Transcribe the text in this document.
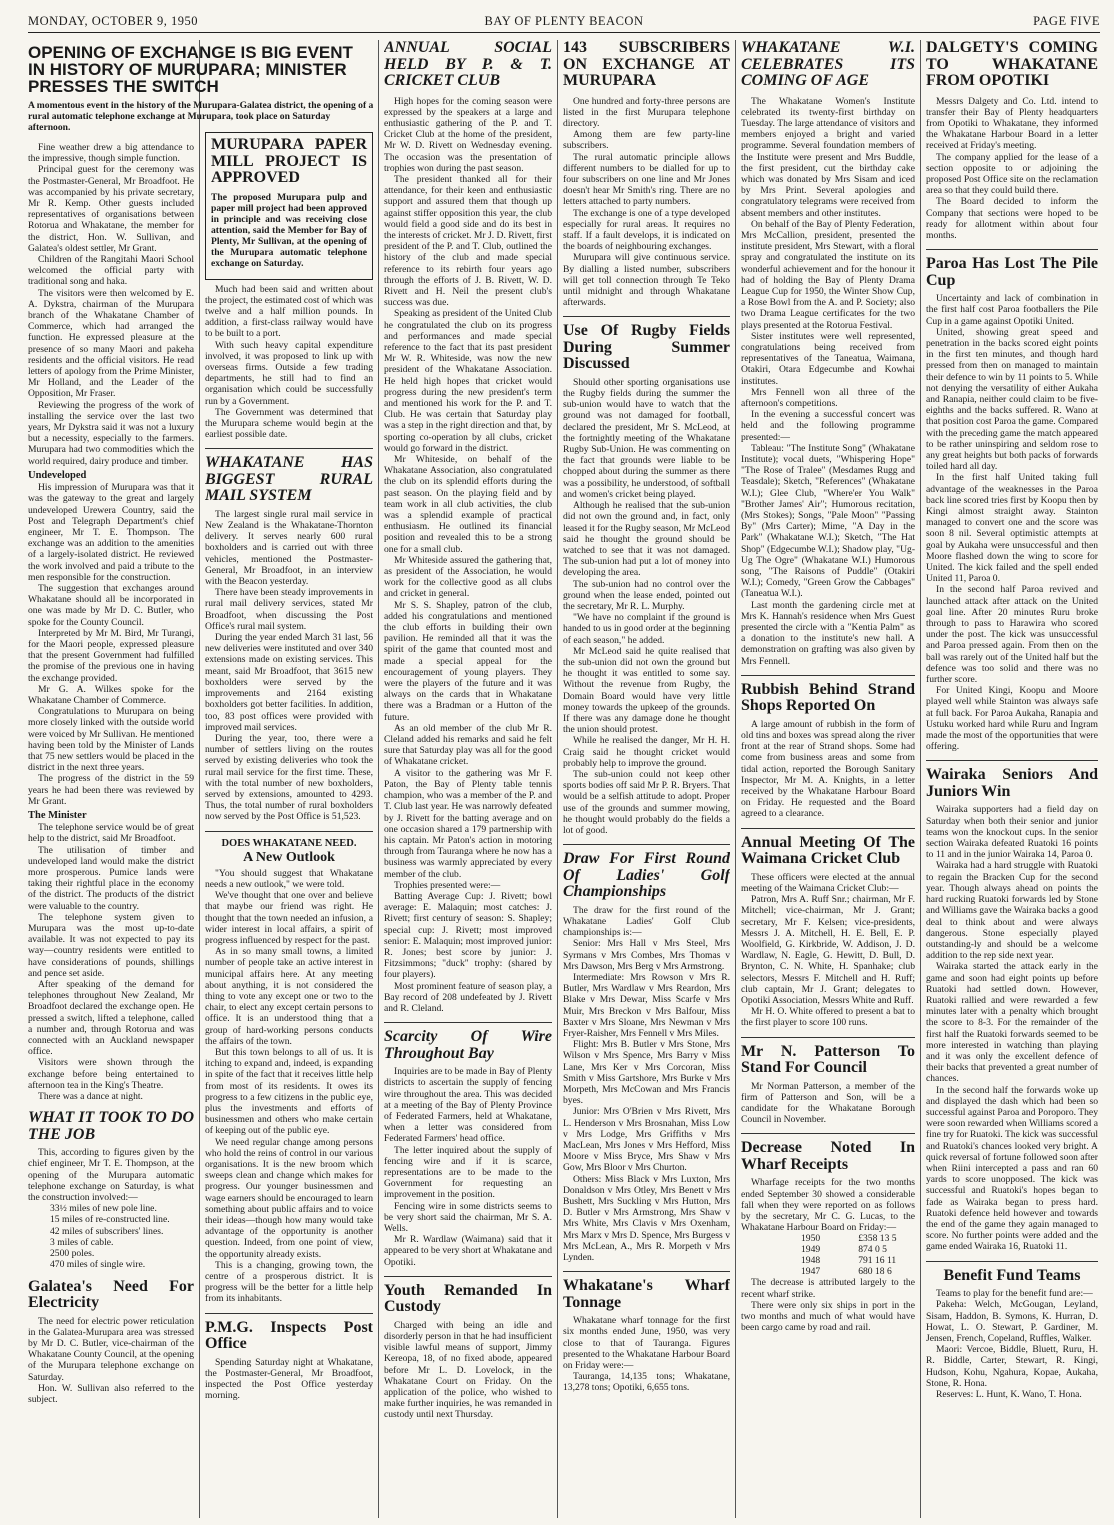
MONDAY, OCTOBER 9, 1950	BAY OF PLENTY BEACON	PAGE FIVE
OPENING OF EXCHANGE IS BIG EVENT IN HISTORY OF MURUPARA; MINISTER PRESSES THE SWITCH
A momentous event in the history of the Murupara-Galatea district, the opening of a rural automatic telephone exchange at Murupara, took place on Saturday afternoon.

Fine weather drew a big attendance to the impressive, though simple function.

Principal guest for the ceremony was the Postmaster-General, Mr Broadfoot. He was accompanied by his private secretary, Mr R. Kemp. Other guests included representatives of organisations between Rotorua and Whakatane, the member for the district, Hon. W. Sullivan, and Galatea's oldest settler, Mr Grant.

Children of the Rangitahi Maori School welcomed the official party with traditional song and haka.

The visitors were then welcomed by E. A. Dykstra, chairman of the Murupara branch of the Whakatane Chamber of Commerce, which had arranged the function. He expressed pleasure at the presence of so many Maori and pakeha residents and the official visitors. He read letters of apology from the Prime Minister, Mr Holland, and the Leader of the Opposition, Mr Fraser.

Reviewing the progress of the work of installing the service over the last two years, Mr Dykstra said it was not a luxury but a necessity, especially to the farmers. Murupara had two commodities which the world required, dairy produce and timber.

Undeveloped

His impression of Murupara was that it was the gateway to the great and largely undeveloped Urewera Country, said the Post and Telegraph Department's chief engineer, Mr T. E. Thompson. The exchange was an addition to the amenities of a largely-isolated district. He reviewed the work involved and paid a tribute to the men responsible for the construction.

The suggestion that exchanges around Whakatane should all be incorporated in one was made by Mr D. C. Butler, who spoke for the County Council.

Interpreted by Mr M. Bird, Mr Turangi, for the Maori people, expressed pleasure that the present Government had fulfilled the promise of the previous one in having the exchange provided.

Mr G. A. Wilkes spoke for the Whakatane Chamber of Commerce.

Congratulations to Murupara on being more closely linked with the outside world were voiced by Mr Sullivan. He mentioned having been told by the Minister of Lands that 75 new settlers would be placed in the district in the next three years.

The progress of the district in the 59 years he had been there was reviewed by Mr Grant.

The Minister

The telephone service would be of great help to the district, said Mr Broadfoot.

The utilisation of timber and undeveloped land would make the district more prosperous. Pumice lands were taking their rightful place in the economy of the district. The products of the district were valuable to the country.

The telephone system given to Murupara was the most up-to-date available. It was not expected to pay its way—country residents were entitled to have considerations of pounds, shillings and pence set aside.

After speaking of the demand for telephones throughout New Zealand, Mr Broadfoot declared the exchange open. He pressed a switch, lifted a telephone, called a number and, through Rotorua and was connected with an Auckland newspaper office.

Visitors were shown through the exchange before being entertained to afternoon tea in the King's Theatre.

There was a dance at night.

WHAT IT TOOK TO DO THE JOB

This, according to figures given by the chief engineer, Mr T. E. Thompson, at the opening of the Murupara automatic telephone exchange on Saturday, is what the construction involved:—

33½ miles of new pole line.

15 miles of re-constructed line.

42 miles of subscribers' lines.

3 miles of cable.

2500 poles.

470 miles of single wire.

Galatea's Need For Electricity

The need for electric power reticulation in the Galatea-Murupara area was stressed by Mr D. C. Butler, vice-chairman of the Whakatane County Council, at the opening of the Murupara telephone exchange on Saturday.

Hon. W. Sullivan also referred to the subject.

MURUPARA PAPER MILL PROJECT IS APPROVED
The proposed Murupara pulp and paper mill project had been approved in principle and was receiving close attention, said the Member for Bay of Plenty, Mr Sullivan, at the opening of the Murupara automatic telephone exchange on Saturday.

Much had been said and written about the project, the estimated cost of which was twelve and a half million pounds. In addition, a first-class railway would have to be built to a port.

With such heavy capital expenditure involved, it was proposed to link up with overseas firms. Outside a few trading departments, he still had to find an organisation which could be successfully run by a Government.

The Government was determined that the Murupara scheme would begin at the earliest possible date.

WHAKATANE HAS BIGGEST RURAL MAIL SYSTEM

The largest single rural mail service in New Zealand is the Whakatane-Thornton delivery. It serves nearly 600 rural boxholders and is carried out with three vehicles, mentioned the Postmaster-General, Mr Broadfoot, in an interview with the Beacon yesterday.

There have been steady improvements in rural mail delivery services, stated Mr Broadfoot, when discussing the Post Office's rural mail system.

During the year ended March 31 last, 56 new deliveries were instituted and over 340 extensions made on existing services. This meant, said Mr Broadfoot, that 3615 new boxholders were served by the improvements and 2164 existing boxholders got better facilities. In addition, too, 83 post offices were provided with improved mail services.

During the year, too, there were a number of settlers living on the routes served by existing deliveries who took the rural mail service for the first time. These, with the total number of new boxholders, served by extensions, amounted to 4293. Thus, the total number of rural boxholders now served by the Post Office is 51,523.

DOES WHAKATANE NEED.

A New Outlook

"You should suggest that Whakatane needs a new outlook," we were told.

We've thought that one over and believe that maybe our friend was right. He thought that the town needed an infusion, a wider interest in local affairs, a spirit of progress influenced by respect for the past.

As in so many small towns, a limited number of people take an active interest in municipal affairs here. At any meeting about anything, it is not considered the thing to vote any except one or two to the chair, to elect any except certain persons to office. It is an understood thing that a group of hard-working persons conducts the affairs of the town.

But this town belongs to all of us. It is itching to expand and, indeed, is expanding in spite of the fact that it receives little help from most of its residents. It owes its progress to a few citizens in the public eye, plus the investments and efforts of businessmen and others who make certain of keeping out of the public eye.

We need regular change among persons who hold the reins of control in our various organisations. It is the new broom which sweeps clean and change which makes for progress. Our younger businessmen and wage earners should be encouraged to learn something about public affairs and to voice their ideas—though how many would take advantage of the opportunity is another question. Indeed, from one point of view, the opportunity already exists.

This is a changing, growing town, the centre of a prosperous district. It is progress will be the better for a little help from its inhabitants.

P.M.G. Inspects Post Office

Spending Saturday night at Whakatane, the Postmaster-General, Mr Broadfoot, inspected the Post Office yesterday morning.

ANNUAL SOCIAL HELD BY P. & T. CRICKET CLUB

High hopes for the coming season were expressed by the speakers at a large and enthusiastic gathering of the P. and T. Cricket Club at the home of the president, Mr W. D. Rivett on Wednesday evening. The occasion was the presentation of trophies won during the past season.

The president thanked all for their attendance, for their keen and enthusiastic support and assured them that though up against stiffer opposition this year, the club would field a good side and do its best in the interests of cricket. Mr J. D. Rivett, first president of the P. and T. Club, outlined the history of the club and made special reference to its rebirth four years ago through the efforts of J. B. Rivett, W. D. Rivett and H. Neil the present club's success was due.

Speaking as president of the United Club he congratulated the club on its progress and performances and made special reference to the fact that its past president Mr W. R. Whiteside, was now the new president of the Whakatane Association. He held high hopes that cricket would progress during the new president's term and mentioned his work for the P. and T. Club. He was certain that Saturday play was a step in the right direction and that, by sporting co-operation by all clubs, cricket would go forward in the district.

Mr Whiteside, on behalf of the Whakatane Association, also congratulated the club on its splendid efforts during the past season. On the playing field and by team work in all club activities, the club was a splendid example of practical enthusiasm. He outlined its financial position and revealed this to be a strong one for a small club.

Mr Whiteside assured the gathering that, as president of the Association, he would work for the collective good as all clubs and cricket in general.

Mr S. S. Shapley, patron of the club, added his congratulations and mentioned the club efforts in building their own pavilion. He reminded all that it was the spirit of the game that counted most and made a special appeal for the encouragement of young players. They were the players of the future and it was always on the cards that in Whakatane there was a Bradman or a Hutton of the future.

As an old member of the club Mr R. Cleland added his remarks and said he felt sure that Saturday play was all for the good of Whakatane cricket.

A visitor to the gathering was Mr F. Paton, the Bay of Plenty table tennis champion, who was a member of the P. and T. Club last year. He was narrowly defeated by J. Rivett for the batting average and on one occasion shared a 179 partnership with his captain. Mr Paton's action in motoring through from Tauranga where he now has a business was warmly appreciated by every member of the club.

Trophies presented were:—

Batting Average Cup: J. Rivett; bowl average: E. Malaquin; most catches: J. Rivett; first century of season: S. Shapley; special cup: J. Rivett; most improved senior: E. Malaquin; most improved junior: R. Jones; best score by junior: J. Fitzsimmons; "duck" trophy: (shared by four players).

Most prominent feature of season play, a Bay record of 208 undefeated by J. Rivett and R. Cleland.

Scarcity Of Wire Throughout Bay

Inquiries are to be made in Bay of Plenty districts to ascertain the supply of fencing wire throughout the area. This was decided at a meeting of the Bay of Plenty Province of Federated Farmers, held at Whakatane, when a letter was considered from Federated Farmers' head office.

The letter inquired about the supply of fencing wire and if it is scarce, representations are to be made to the Government for requesting an improvement in the position.

Fencing wire in some districts seems to be very short said the chairman, Mr S. A. Wells.

Mr R. Wardlaw (Waimana) said that it appeared to be very short at Whakatane and Opotiki.

Youth Remanded In Custody

Charged with being an idle and disorderly person in that he had insufficient visible lawful means of support, Jimmy Kereopa, 18, of no fixed abode, appeared before Mr L. D. Lovelock, in the Whakatane Court on Friday. On the application of the police, who wished to make further inquiries, he was remanded in custody until next Thursday.

143 SUBSCRIBERS ON EXCHANGE AT MURUPARA

One hundred and forty-three persons are listed in the first Murupara telephone directory.

Among them are few party-line subscribers.

The rural automatic principle allows different numbers to be dialled for up to four subscribers on one line and Mr Jones doesn't hear Mr Smith's ring. There are no letters attached to party numbers.

The exchange is one of a type developed especially for rural areas. It requires no staff. If a fault develops, it is indicated on the boards of neighbouring exchanges.

Murupara will give continuous service. By dialling a listed number, subscribers will get toll connection through Te Teko until midnight and through Whakatane afterwards.

Use Of Rugby Fields During Summer Discussed

Should other sporting organisations use the Rugby fields during the summer the sub-union would have to watch that the ground was not damaged for football, declared the president, Mr S. McLeod, at the fortnightly meeting of the Whakatane Rugby Sub-Union. He was commenting on the fact that grounds were liable to be chopped about during the summer as there was a possibility, he understood, of softball and women's cricket being played.

Although he realised that the sub-union did not own the ground and, in fact, only leased it for the Rugby season, Mr McLeod said he thought the ground should be watched to see that it was not damaged. The sub-union had put a lot of money into developing the area.

The sub-union had no control over the ground when the lease ended, pointed out the secretary, Mr R. L. Murphy.

"We have no complaint if the ground is handed to us in good order at the beginning of each season," he added.

Mr McLeod said he quite realised that the sub-union did not own the ground but he thought it was entitled to some say. Without the revenue from Rugby, the Domain Board would have very little money towards the upkeep of the grounds. If there was any damage done he thought the union should protest.

While he realised the danger, Mr H. H. Craig said he thought cricket would probably help to improve the ground.

The sub-union could not keep other sports bodies off said Mr P. R. Bryers. That would be a selfish attitude to adopt. Proper use of the grounds and summer mowing, he thought would probably do the fields a lot of good.

Draw For First Round Of Ladies' Golf Championships

The draw for the first round of the Whakatane Ladies' Golf Club championships is:—

Senior: Mrs Hall v Mrs Steel, Mrs Syrmans v Mrs Combes, Mrs Thomas v Mrs Dawson, Mrs Berg v Mrs Armstrong.

Intermediate: Mrs Rowson v Mrs R. Butler, Mrs Wardlaw v Mrs Reardon, Mrs Blake v Mrs Dewar, Miss Scarfe v Mrs Muir, Mrs Breckon v Mrs Balfour, Miss Baxter v Mrs Sloane, Mrs Newman v Mrs Fryer-Raisher, Mrs Fennell v Mrs Miles.

Flight: Mrs B. Butler v Mrs Stone, Mrs Wilson v Mrs Spence, Mrs Barry v Miss Lane, Mrs Ker v Mrs Corcoran, Miss Smith v Miss Gartshore, Mrs Burke v Mrs Morpeth, Mrs McCowan and Mrs Francis byes.

Junior: Mrs O'Brien v Mrs Rivett, Mrs L. Henderson v Mrs Brosnahan, Miss Low v Mrs Lodge, Mrs Griffiths v Mrs MacLean, Mrs Jones v Mrs Hefford, Miss Moore v Miss Bryce, Mrs Shaw v Mrs Gow, Mrs Bloor v Mrs Churton.

Others: Miss Black v Mrs Luxton, Mrs Donaldson v Mrs Otley, Mrs Benett v Mrs Bushett, Mrs Suckling v Mrs Hutton, Mrs D. Butler v Mrs Armstrong, Mrs Shaw v Mrs White, Mrs Clavis v Mrs Oxenham, Mrs Marx v Mrs D. Spence, Mrs Burgess v Mrs McLean, A., Mrs R. Morpeth v Mrs Lynden.

Whakatane's Wharf Tonnage

Whakatane wharf tonnage for the first six months ended June, 1950, was very close to that of Tauranga. Figures presented to the Whakatane Harbour Board on Friday were:—

Tauranga, 14,135 tons; Whakatane, 13,278 tons; Opotiki, 6,655 tons.

WHAKATANE W.I. CELEBRATES ITS COMING OF AGE

The Whakatane Women's Institute celebrated its twenty-first birthday on Tuesday. The large attendance of visitors and members enjoyed a bright and varied programme. Several foundation members of the Institute were present and Mrs Buddle, the first president, cut the birthday cake which was donated by Mrs Sisam and iced by Mrs Print. Several apologies and congratulatory telegrams were received from absent members and other institutes.

On behalf of the Bay of Plenty Federation, Mrs McCallion, president, presented the institute president, Mrs Stewart, with a floral spray and congratulated the institute on its wonderful achievement and for the honour it had of holding the Bay of Plenty Drama League Cup for 1950, the Winter Show Cup, a Rose Bowl from the A. and P. Society; also two Drama League certificates for the two plays presented at the Rotorua Festival.

Sister institutes were well represented, congratulations being received from representatives of the Taneatua, Waimana, Otakiri, Otara Edgecumbe and Kowhai institutes.

Mrs Fennell won all three of the afternoon's competitions.

In the evening a successful concert was held and the following programme presented:—

Tableau: "The Institute Song" (Whakatane Institute); vocal duets, "Whispering Hope" "The Rose of Tralee" (Mesdames Rugg and Teasdale); Sketch, "References" (Whakatane W.I.); Glee Club, "Where'er You Walk" "Brother James' Air"; Humorous recitation, (Mrs Stokes); Songs, "Pale Moon" "Passing By" (Mrs Carter); Mime, "A Day in the Park" (Whakatane W.I.); Sketch, "The Hat Shop" (Edgecumbe W.I.); Shadow play, "Ug-Ug The Ogre" (Whakatane W.I.) Humorous song, "The Raisons of Puddle" (Otakiri W.I.); Comedy, "Green Grow the Cabbages" (Taneatua W.I.).

Last month the gardening circle met at Mrs K. Hannah's residence when Mrs Guest presented the circle with a "Kentia Palm" as a donation to the institute's new hall. A demonstration on grafting was also given by Mrs Fennell.

Rubbish Behind Strand Shops Reported On

A large amount of rubbish in the form of old tins and boxes was spread along the river front at the rear of Strand shops. Some had come from business areas and some from tidal action, reported the Borough Sanitary Inspector, Mr M. A. Knights, in a letter received by the Whakatane Harbour Board on Friday. He requested and the Board agreed to a clearance.

Annual Meeting Of The Waimana Cricket Club

These officers were elected at the annual meeting of the Waimana Cricket Club:—

Patron, Mrs A. Ruff Snr.; chairman, Mr F. Mitchell; vice-chairman, Mr J. Grant; secretary, Mr F. Kelsen; vice-presidents, Messrs J. A. Mitchell, H. E. Bell, E. P. Woolfield, G. Kirkbride, W. Addison, J. D. Wardlaw, N. Eagle, G. Hewitt, D. Bull, D. Brynton, C. N. White, H. Spanhake; club selectors, Messrs F. Mitchell and H. Ruff; club captain, Mr J. Grant; delegates to Opotiki Association, Messrs White and Ruff.

Mr H. O. White offered to present a bat to the first player to score 100 runs.

Mr N. Patterson To Stand For Council

Mr Norman Patterson, a member of the firm of Patterson and Son, will be a candidate for the Whakatane Borough Council in November.

Decrease Noted In Wharf Receipts

Wharfage receipts for the two months ended September 30 showed a considerable fall when they were reported on as follows by the secretary, Mr C. G. Lucas, to the Whakatane Harbour Board on Friday:—

1950	£358 13 5
1949	874 0 5
1948	791 16 11
1947	680 18 6

The decrease is attributed largely to the recent wharf strike.

There were only six ships in port in the two months and much of what would have been cargo came by road and rail.

DALGETY'S COMING TO WHAKATANE FROM OPOTIKI

Messrs Dalgety and Co. Ltd. intend to transfer their Bay of Plenty headquarters from Opotiki to Whakatane, they informed the Whakatane Harbour Board in a letter received at Friday's meeting.

The company applied for the lease of a section opposite to or adjoining the proposed Post Office site on the reclamation area so that they could build there.

The Board decided to inform the Company that sections were hoped to be ready for allotment within about four months.

Paroa Has Lost The Pile Cup

Uncertainty and lack of combination in the first half cost Paroa footballers the Pile Cup in a game against Opotiki United.

United, showing great speed and penetration in the backs scored eight points in the first ten minutes, and though hard pressed from then on managed to maintain their defence to win by 11 points to 5. While not denying the versatility of either Aukaha and Ranapia, neither could claim to be five-eighths and the backs suffered. R. Wano at that position cost Paroa the game. Compared with the preceding game the match appeared to be rather uninspiring and seldom rose to any great heights but both packs of forwards toiled hard all day.

In the first half United taking full advantage of the weaknesses in the Paroa back line scored tries first by Koopu then by Kingi almost straight away. Stainton managed to convert one and the score was soon 8 nil. Several optimistic attempts at goal by Aukaha were unsuccessful and then Moore flashed down the wing to score for United. The kick failed and the spell ended United 11, Paroa 0.

In the second half Paroa revived and launched attack after attack on the United goal line. After 20 minutes Ruru broke through to pass to Harawira who scored under the post. The kick was unsuccessful and Paroa pressed again. From then on the ball was rarely out of the United half but the defence was too solid and there was no further score.

For United Kingi, Koopu and Moore played well while Stainton was always safe at full back. For Paroa Aukaha, Ranapia and Ustuku worked hard while Ruru and Ingram made the most of the opportunities that were offering.

Wairaka Seniors And Juniors Win

Wairaka supporters had a field day on Saturday when both their senior and junior teams won the knockout cups. In the senior section Wairaka defeated Ruatoki 16 points to 11 and in the junior Wairaka 14, Paroa 0.

Wairaka had a hard struggle with Ruatoki to regain the Bracken Cup for the second year. Though always ahead on points the hard rucking Ruatoki forwards led by Stone and Williams gave the Wairaka backs a good deal to think about and were always dangerous. Stone especially played outstanding-ly and should be a welcome addition to the rep side next year.

Wairaka started the attack early in the game and soon had eight points up before Ruatoki had settled down. However, Ruatoki rallied and were rewarded a few minutes later with a penalty which brought the score to 8-3. For the remainder of the first half the Ruatoki forwards seemed to be more interested in watching than playing and it was only the excellent defence of their backs that prevented a great number of chances.

In the second half the forwards woke up and displayed the dash which had been so successful against Paroa and Poroporo. They were soon rewarded when Williams scored a fine try for Ruatoki. The kick was successful and Ruatoki's chances looked very bright. A quick reversal of fortune followed soon after when Riini intercepted a pass and ran 60 yards to score unopposed. The kick was successful and Ruatoki's hopes began to fade as Wairaka began to press hard. Ruatoki defence held however and towards the end of the game they again managed to score. No further points were added and the game ended Wairaka 16, Ruatoki 11.

Benefit Fund Teams

Teams to play for the benefit fund are:—

Pakeha: Welch, McGougan, Leyland, Sisam, Haddon, B. Symons, K. Hurran, D. Howat, L. O. Stewart, P. Gardiner, M. Jensen, French, Copeland, Ruffles, Walker.

Maori: Vercoe, Biddle, Bluett, Ruru, H. R. Biddle, Carter, Stewart, R. Kingi, Hudson, Kohu, Ngahura, Kopae, Aukaha, Stone, R. Hona.

Reserves: L. Hunt, K. Wano, T. Hona.
